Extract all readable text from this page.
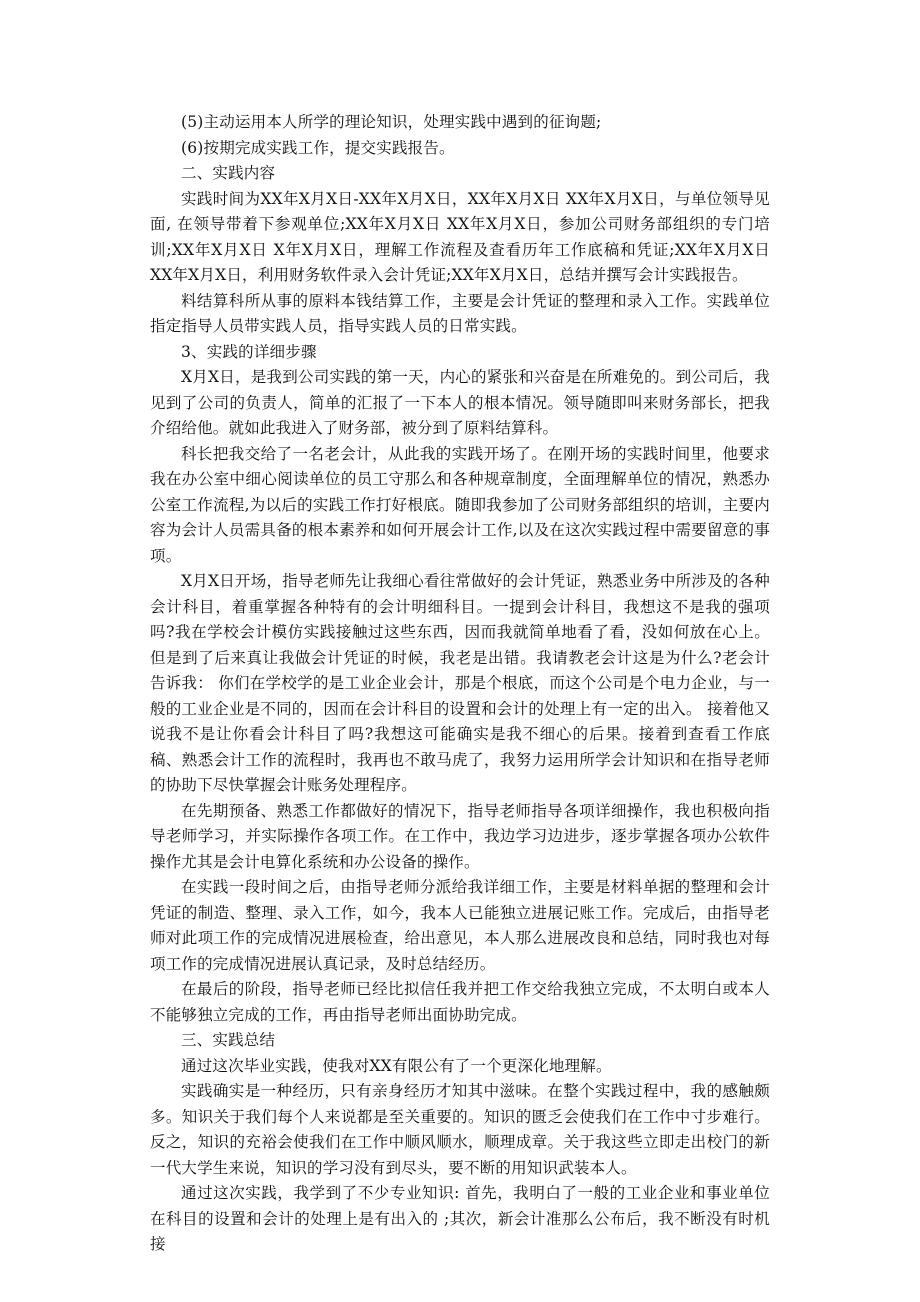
(5)主动运用本人所学的理论知识，处理实践中遇到的征询题;

(6)按期完成实践工作，提交实践报告。

二、实践内容

实践时间为XX年X月X日-XX年X月X日，XX年X月X日 XX年X月X日，与单位领导见面, 在领导带着下参观单位;XX年X月X日 XX年X月X日，参加公司财务部组织的专门培训;XX年X月X日 X年X月X日，理解工作流程及查看历年工作底稿和凭证;XX年X月X日 XX年X月X日，利用财务软件录入会计凭证;XX年X月X日，总结并撰写会计实践报告。

料结算科所从事的原料本钱结算工作，主要是会计凭证的整理和录入工作。实践单位指定指导人员带实践人员，指导实践人员的日常实践。

3、实践的详细步骤

X月X日，是我到公司实践的第一天，内心的紧张和兴奋是在所难免的。到公司后，我见到了公司的负责人，简单的汇报了一下本人的根本情况。领导随即叫来财务部长，把我介绍给他。就如此我进入了财务部，被分到了原料结算科。

科长把我交给了一名老会计，从此我的实践开场了。在刚开场的实践时间里，他要求我在办公室中细心阅读单位的员工守那么和各种规章制度，全面理解单位的情况，熟悉办公室工作流程,为以后的实践工作打好根底。随即我参加了公司财务部组织的培训，主要内容为会计人员需具备的根本素养和如何开展会计工作,以及在这次实践过程中需要留意的事项。

X月X日开场，指导老师先让我细心看往常做好的会计凭证，熟悉业务中所涉及的各种会计科目，着重掌握各种特有的会计明细科目。一提到会计科目，我想这不是我的强项吗?我在学校会计模仿实践接触过这些东西，因而我就简单地看了看，没如何放在心上。但是到了后来真让我做会计凭证的时候，我老是出错。我请教老会计这是为什么?老会计告诉我： 你们在学校学的是工业企业会计，那是个根底，而这个公司是个电力企业，与一般的工业企业是不同的，因而在会计科目的设置和会计的处理上有一定的出入。 接着他又说我不是让你看会计科目了吗?我想这可能确实是我不细心的后果。接着到查看工作底稿、熟悉会计工作的流程时，我再也不敢马虎了，我努力运用所学会计知识和在指导老师的协助下尽快掌握会计账务处理程序。

在先期预备、熟悉工作都做好的情况下，指导老师指导各项详细操作，我也积极向指导老师学习，并实际操作各项工作。在工作中，我边学习边进步，逐步掌握各项办公软件操作尤其是会计电算化系统和办公设备的操作。

在实践一段时间之后，由指导老师分派给我详细工作，主要是材料单据的整理和会计凭证的制造、整理、录入工作，如今，我本人已能独立进展记账工作。完成后，由指导老师对此项工作的完成情况进展检查，给出意见，本人那么进展改良和总结，同时我也对每项工作的完成情况进展认真记录，及时总结经历。

在最后的阶段，指导老师已经比拟信任我并把工作交给我独立完成，不太明白或本人不能够独立完成的工作，再由指导老师出面协助完成。

三、实践总结

通过这次毕业实践，使我对XX有限公有了一个更深化地理解。

实践确实是一种经历，只有亲身经历才知其中滋味。在整个实践过程中，我的感触颇多。知识关于我们每个人来说都是至关重要的。知识的匮乏会使我们在工作中寸步难行。反之，知识的充裕会使我们在工作中顺风顺水，顺理成章。关于我这些立即走出校门的新一代大学生来说，知识的学习没有到尽头，要不断的用知识武装本人。

通过这次实践，我学到了不少专业知识: 首先，我明白了一般的工业企业和事业单位在科目的设置和会计的处理上是有出入的 ;其次，新会计准那么公布后，我不断没有时机接
